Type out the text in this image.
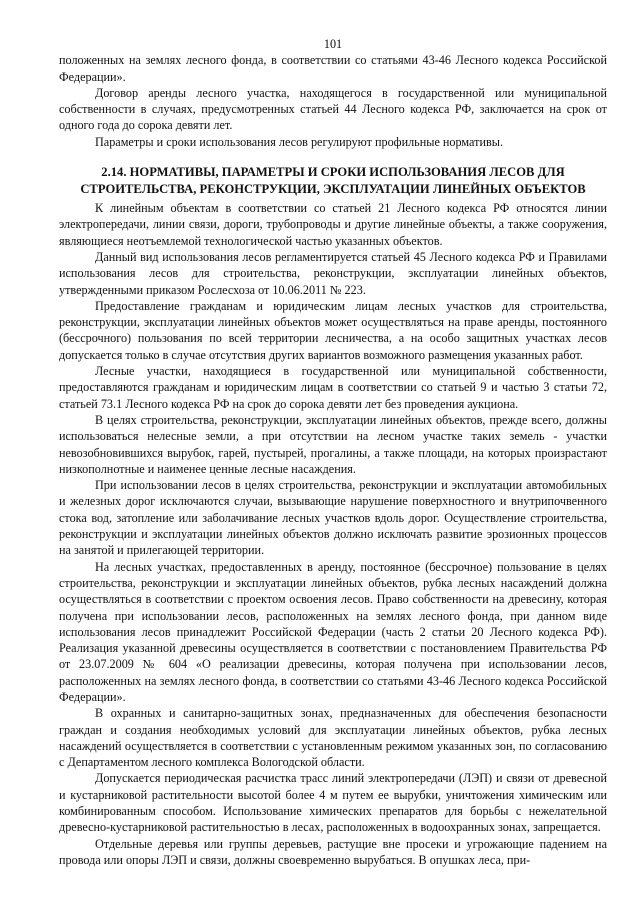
101

положенных на землях лесного фонда, в соответствии со статьями 43-46 Лесного кодекса Российской Федерации».

Договор аренды лесного участка, находящегося в государственной или муниципальной собственности в случаях, предусмотренных статьей 44 Лесного кодекса РФ, заключается на срок от одного года до сорока девяти лет.

Параметры и сроки использования лесов регулируют профильные нормативы.

2.14. НОРМАТИВЫ, ПАРАМЕТРЫ И СРОКИ ИСПОЛЬЗОВАНИЯ ЛЕСОВ ДЛЯ СТРОИТЕЛЬСТВА, РЕКОНСТРУКЦИИ, ЭКСПЛУАТАЦИИ ЛИНЕЙНЫХ ОБЪЕКТОВ

К линейным объектам в соответствии со статьей 21 Лесного кодекса РФ относятся линии электропередачи, линии связи, дороги, трубопроводы и другие линейные объекты, а также сооружения, являющиеся неотъемлемой технологической частью указанных объектов.

Данный вид использования лесов регламентируется статьей 45 Лесного кодекса РФ и Правилами использования лесов для строительства, реконструкции, эксплуатации линейных объектов, утвержденными приказом Рослесхоза от 10.06.2011 № 223.

Предоставление гражданам и юридическим лицам лесных участков для строительства, реконструкции, эксплуатации линейных объектов может осуществляться на праве аренды, постоянного (бессрочного) пользования по всей территории лесничества, а на особо защитных участках лесов допускается только в случае отсутствия других вариантов возможного размещения указанных работ.

Лесные участки, находящиеся в государственной или муниципальной собственности, предоставляются гражданам и юридическим лицам в соответствии со статьей 9 и частью 3 статьи 72, статьей 73.1 Лесного кодекса РФ на срок до сорока девяти лет без проведения аукциона.

В целях строительства, реконструкции, эксплуатации линейных объектов, прежде всего, должны использоваться нелесные земли, а при отсутствии на лесном участке таких земель - участки невозобновившихся вырубок, гарей, пустырей, прогалины, а также площади, на которых произрастают низкополнотные и наименее ценные лесные насаждения.

При использовании лесов в целях строительства, реконструкции и эксплуатации автомобильных и железных дорог исключаются случаи, вызывающие нарушение поверхностного и внутрипочвенного стока вод, затопление или заболачивание лесных участков вдоль дорог. Осуществление строительства, реконструкции и эксплуатации линейных объектов должно исключать развитие эрозионных процессов на занятой и прилегающей территории.

На лесных участках, предоставленных в аренду, постоянное (бессрочное) пользование в целях строительства, реконструкции и эксплуатации линейных объектов, рубка лесных насаждений должна осуществляться в соответствии с проектом освоения лесов. Право собственности на древесину, которая получена при использовании лесов, расположенных на землях лесного фонда, при данном виде использования лесов принадлежит Российской Федерации (часть 2 статьи 20 Лесного кодекса РФ). Реализация указанной древесины осуществляется в соответствии с постановлением Правительства РФ от 23.07.2009 № 604 «О реализации древесины, которая получена при использовании лесов, расположенных на землях лесного фонда, в соответствии со статьями 43-46 Лесного кодекса Российской Федерации».

В охранных и санитарно-защитных зонах, предназначенных для обеспечения безопасности граждан и создания необходимых условий для эксплуатации линейных объектов, рубка лесных насаждений осуществляется в соответствии с установленным режимом указанных зон, по согласованию с Департаментом лесного комплекса Вологодской области.

Допускается периодическая расчистка трасс линий электропередачи (ЛЭП) и связи от древесной и кустарниковой растительности высотой более 4 м путем ее вырубки, уничтожения химическим или комбинированным способом. Использование химических препаратов для борьбы с нежелательной древесно-кустарниковой растительностью в лесах, расположенных в водоохранных зонах, запрещается.

Отдельные деревья или группы деревьев, растущие вне просеки и угрожающие падением на провода или опоры ЛЭП и связи, должны своевременно вырубаться. В опушках леса, при-
